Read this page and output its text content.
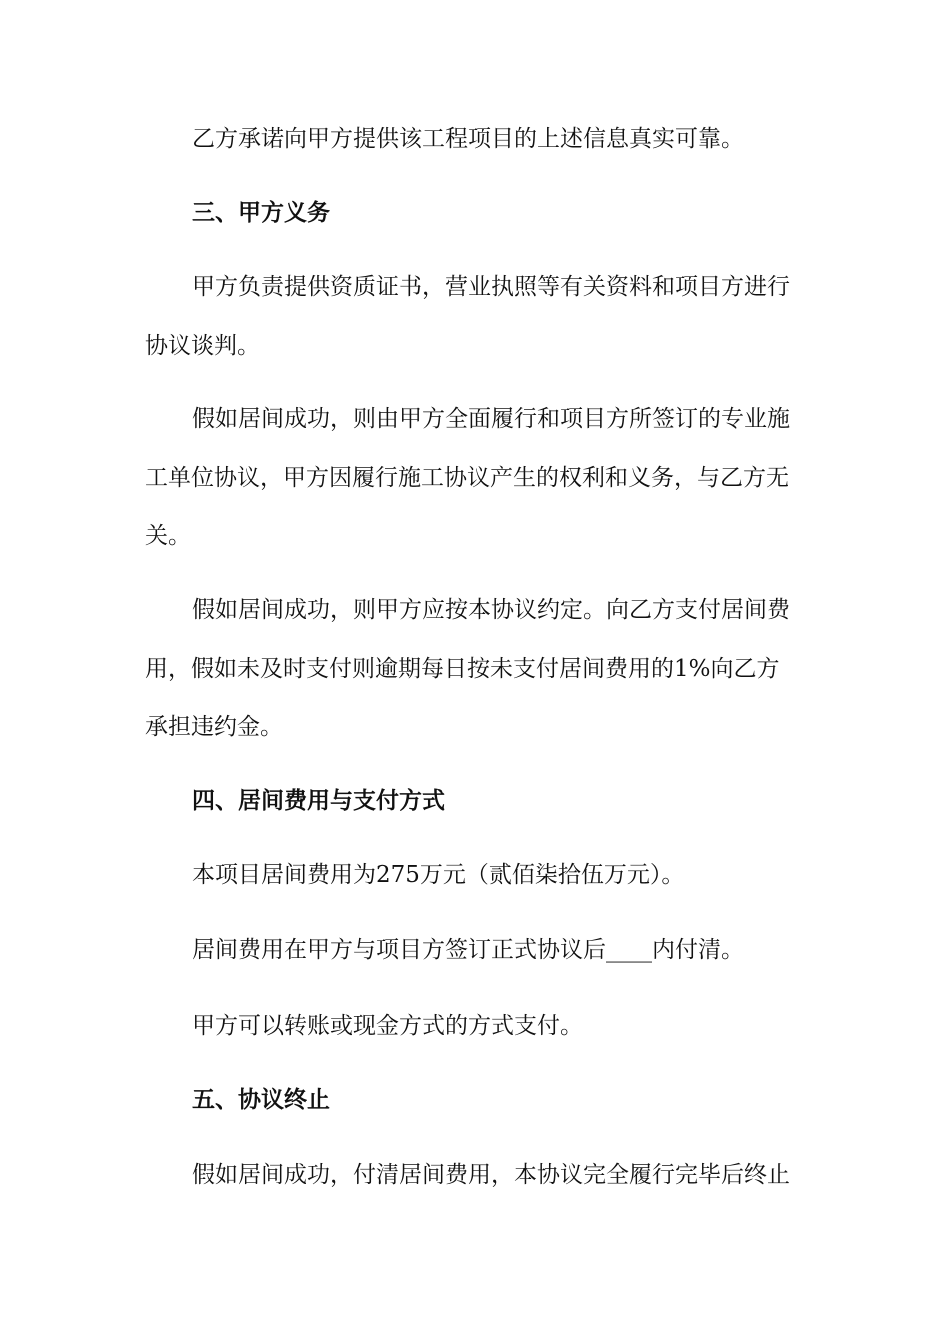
乙方承诺向甲方提供该工程项目的上述信息真实可靠。
三、甲方义务
甲方负责提供资质证书，营业执照等有关资料和项目方进行
协议谈判。
假如居间成功，则由甲方全面履行和项目方所签订的专业施
工单位协议，甲方因履行施工协议产生的权利和义务，与乙方无
关。
假如居间成功，则甲方应按本协议约定。向乙方支付居间费
用，假如未及时支付则逾期每日按未支付居间费用的1%向乙方
承担违约金。
四、居间费用与支付方式
本项目居间费用为275万元（贰佰柒拾伍万元）。
居间费用在甲方与项目方签订正式协议后____内付清。
甲方可以转账或现金方式的方式支付。
五、协议终止
假如居间成功，付清居间费用，本协议完全履行完毕后终止
